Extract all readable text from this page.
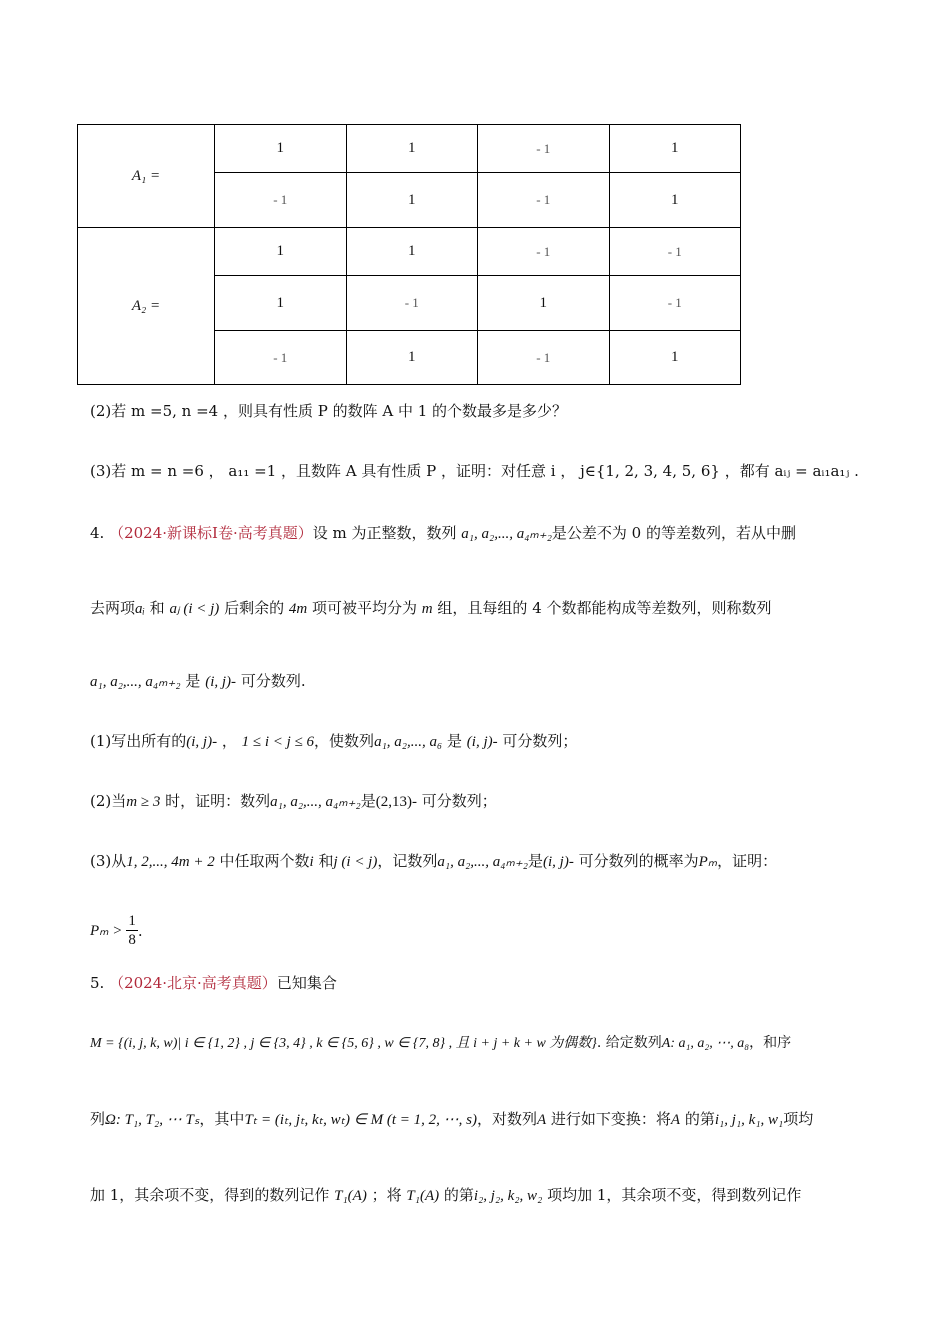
A₁ =	1	1	- 1	1
	- 1	1	- 1	1
A₂ =	1	1	- 1	- 1
	1	- 1	1	- 1
	- 1	1	- 1	1
(2)若 m =5, n =4 ，则具有性质 P 的数阵 A 中 1 的个数最多是多少？
(3)若 m = n =6 ， a₁₁ =1 ，且数阵 A 具有性质 P ，证明：对任意 i ， j∈{1, 2, 3, 4, 5, 6} ，都有 aᵢⱼ = aᵢ₁a₁ⱼ .
4. （2024·新课标Ⅰ卷·高考真题）设 m 为正整数，数列 a₁, a₂,..., a₄ₘ₊₂是公差不为 0 的等差数列，若从中删
去两项aᵢ 和 aⱼ (i < j) 后剩余的 4m 项可被平均分为 m 组，且每组的 4 个数都能构成等差数列，则称数列
a₁, a₂,..., a₄ₘ₊₂ 是 (i, j)- 可分数列.
(1)写出所有的(i, j)- ， 1 ≤ i < j ≤ 6，使数列a₁, a₂,..., a₆ 是 (i, j)- 可分数列；
(2)当m ≥ 3 时，证明：数列a₁, a₂,..., a₄ₘ₊₂是(2,13)- 可分数列；
(3)从1, 2,..., 4m + 2 中任取两个数i 和j (i < j)，记数列a₁, a₂,..., a₄ₘ₊₂是(i, j)- 可分数列的概率为Pₘ，证明：
$P_m > \frac{1}{8}$ .
5. （2024·北京·高考真题）已知集合
M = {(i, j, k, w)| i ∈ {1, 2} , j ∈ {3, 4} , k ∈ {5, 6} , w ∈ {7, 8} , 且 i + j + k + w 为偶数}. 给定数列A: a₁, a₂, ⋯, a₈，和序
列Ω: T₁, T₂, ⋯ Tₛ，其中Tₜ = (iₜ, jₜ, kₜ, wₜ) ∈ M (t = 1, 2, ⋯, s)，对数列A 进行如下变换：将A 的第i₁, j₁, k₁, w₁项均
加 1，其余项不变，得到的数列记作 T₁(A) ；将 T₁(A) 的第i₂, j₂, k₂, w₂ 项均加 1，其余项不变，得到数列记作
